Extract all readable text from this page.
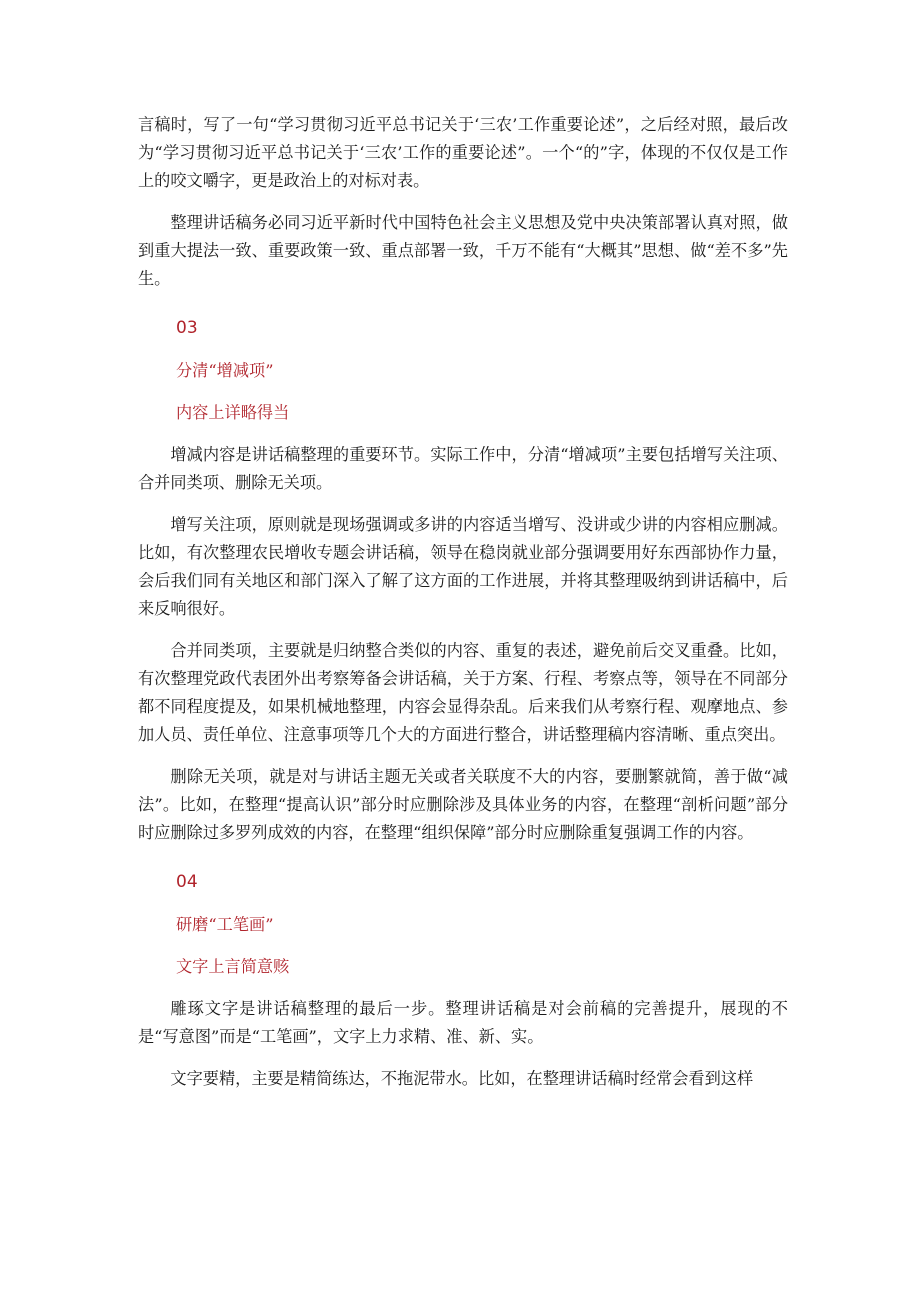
言稿时，写了一句“学习贯彻习近平总书记关于‘三农’工作重要论述”，之后经对照，最后改为“学习贯彻习近平总书记关于‘三农’工作的重要论述”。一个“的”字，体现的不仅仅是工作上的咬文嚼字，更是政治上的对标对表。

整理讲话稿务必同习近平新时代中国特色社会主义思想及党中央决策部署认真对照，做到重大提法一致、重要政策一致、重点部署一致，千万不能有“大概其”思想、做“差不多”先生。

03
分清“增减项”
内容上详略得当

增减内容是讲话稿整理的重要环节。实际工作中，分清“增减项”主要包括增写关注项、合并同类项、删除无关项。

增写关注项，原则就是现场强调或多讲的内容适当增写、没讲或少讲的内容相应删减。比如，有次整理农民增收专题会讲话稿，领导在稳岗就业部分强调要用好东西部协作力量，会后我们同有关地区和部门深入了解了这方面的工作进展，并将其整理吸纳到讲话稿中，后来反响很好。

合并同类项，主要就是归纳整合类似的内容、重复的表述，避免前后交叉重叠。比如，有次整理党政代表团外出考察筹备会讲话稿，关于方案、行程、考察点等，领导在不同部分都不同程度提及，如果机械地整理，内容会显得杂乱。后来我们从考察行程、观摩地点、参加人员、责任单位、注意事项等几个大的方面进行整合，讲话整理稿内容清晰、重点突出。

删除无关项，就是对与讲话主题无关或者关联度不大的内容，要删繁就简，善于做“减法”。比如，在整理“提高认识”部分时应删除涉及具体业务的内容，在整理“剖析问题”部分时应删除过多罗列成效的内容，在整理“组织保障”部分时应删除重复强调工作的内容。

04
研磨“工笔画”
文字上言简意赅

雕琢文字是讲话稿整理的最后一步。整理讲话稿是对会前稿的完善提升，展现的不是“写意图”而是“工笔画”，文字上力求精、准、新、实。

文字要精，主要是精简练达，不拖泥带水。比如，在整理讲话稿时经常会看到这样
